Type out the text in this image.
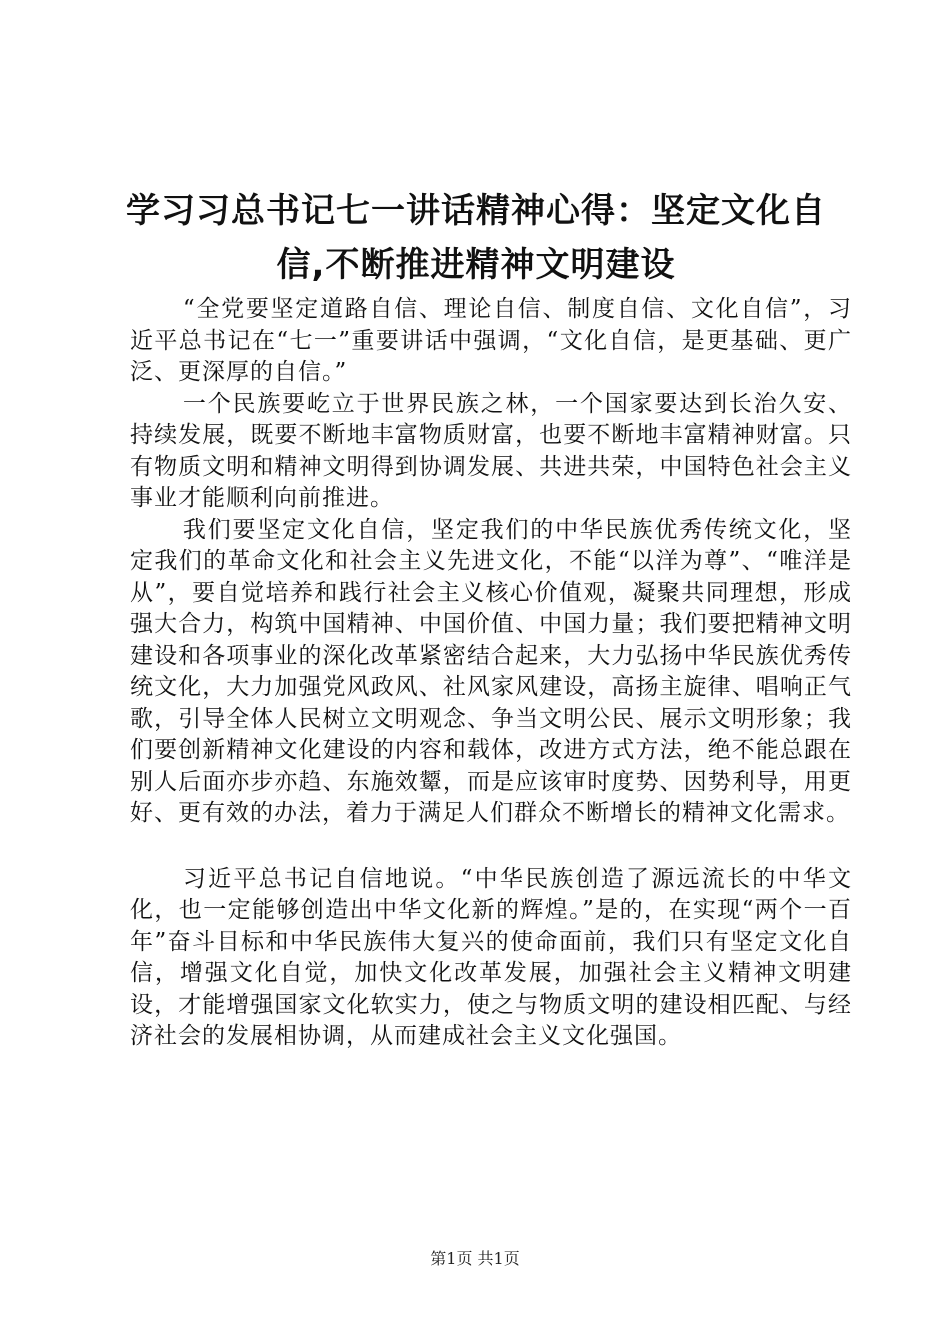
学习习总书记七一讲话精神心得：坚定文化自
信,不断推进精神文明建设

“全党要坚定道路自信、理论自信、制度自信、文化自信”，习近平总书记在“七一”重要讲话中强调，“文化自信，是更基础、更广泛、更深厚的自信。”

一个民族要屹立于世界民族之林，一个国家要达到长治久安、持续发展，既要不断地丰富物质财富，也要不断地丰富精神财富。只有物质文明和精神文明得到协调发展、共进共荣，中国特色社会主义事业才能顺利向前推进。

我们要坚定文化自信，坚定我们的中华民族优秀传统文化，坚定我们的革命文化和社会主义先进文化，不能“以洋为尊”、“唯洋是从”，要自觉培养和践行社会主义核心价值观，凝聚共同理想，形成强大合力，构筑中国精神、中国价值、中国力量；我们要把精神文明建设和各项事业的深化改革紧密结合起来，大力弘扬中华民族优秀传统文化，大力加强党风政风、社风家风建设，高扬主旋律、唱响正气歌，引导全体人民树立文明观念、争当文明公民、展示文明形象；我们要创新精神文化建设的内容和载体，改进方式方法，绝不能总跟在别人后面亦步亦趋、东施效颦，而是应该审时度势、因势利导，用更好、更有效的办法，着力于满足人们群众不断增长的精神文化需求。

习近平总书记自信地说。“中华民族创造了源远流长的中华文化，也一定能够创造出中华文化新的辉煌。”是的，在实现“两个一百年”奋斗目标和中华民族伟大复兴的使命面前，我们只有坚定文化自信，增强文化自觉，加快文化改革发展，加强社会主义精神文明建设，才能增强国家文化软实力，使之与物质文明的建设相匹配、与经济社会的发展相协调，从而建成社会主义文化强国。

第1页 共1页
